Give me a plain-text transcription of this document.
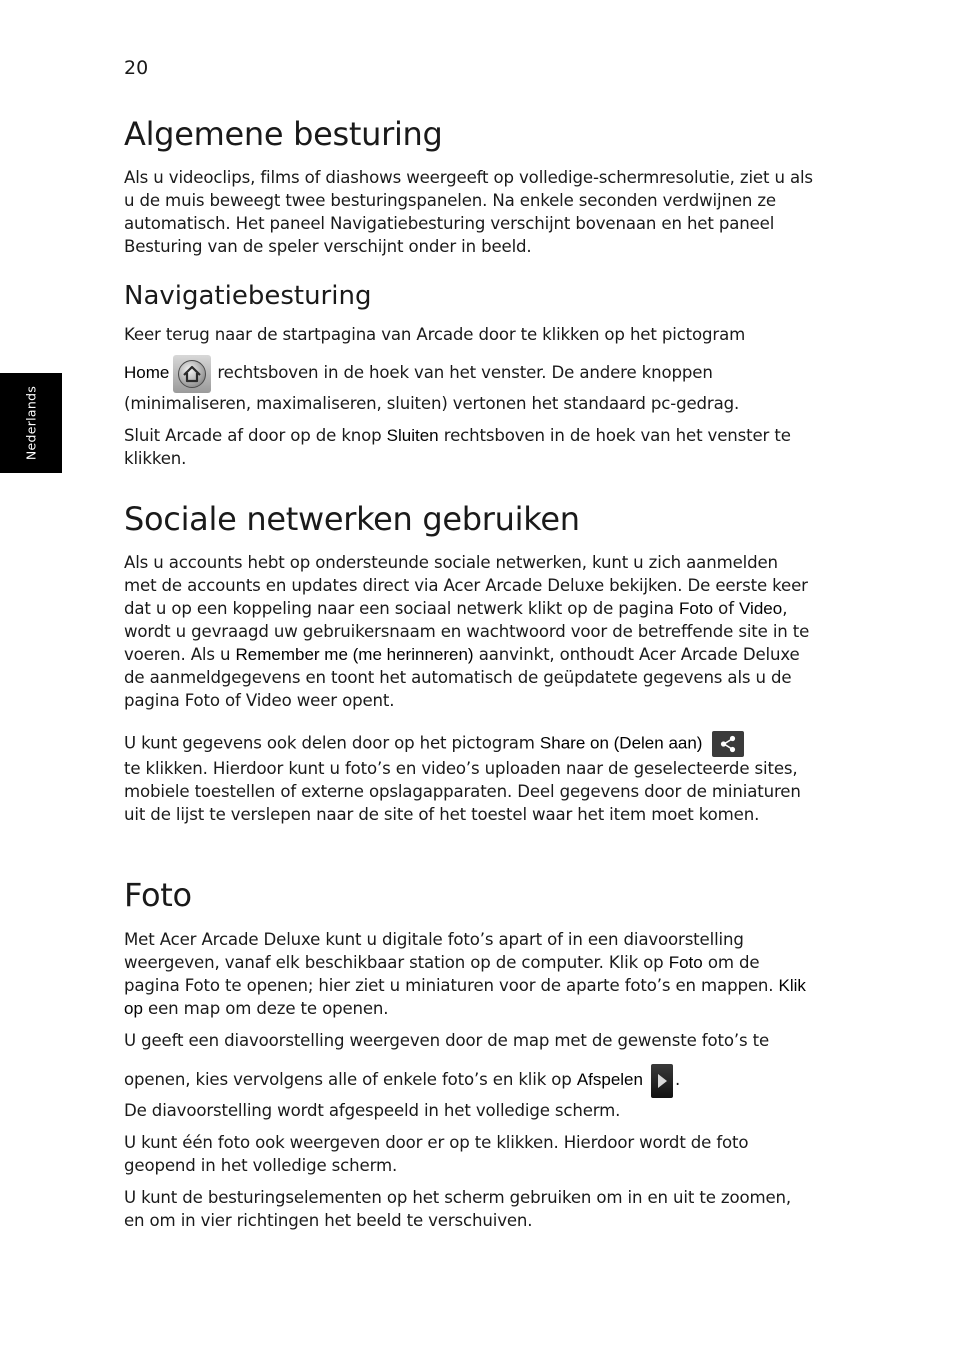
20
Nederlands
Algemene besturing

Als u videoclips, films of diashows weergeeft op volledige-schermresolutie, ziet u als u de muis beweegt twee besturingspanelen. Na enkele seconden verdwijnen ze automatisch. Het paneel Navigatiebesturing verschijnt bovenaan en het paneel Besturing van de speler verschijnt onder in beeld.

Navigatiebesturing

Keer terug naar de startpagina van Arcade door te klikken op het pictogram

Home	rechtsboven in de hoek van het venster. De andere knoppen

(minimaliseren, maximaliseren, sluiten) vertonen het standaard pc-gedrag.

Sluit Arcade af door op de knop Sluiten rechtsboven in de hoek van het venster te klikken.

Sociale netwerken gebruiken

Als u accounts hebt op ondersteunde sociale netwerken, kunt u zich aanmelden met de accounts en updates direct via Acer Arcade Deluxe bekijken. De eerste keer dat u op een koppeling naar een sociaal netwerk klikt op de pagina Foto of Video, wordt u gevraagd uw gebruikersnaam en wachtwoord voor de betreffende site in te voeren. Als u Remember me (me herinneren) aanvinkt, onthoudt Acer Arcade Deluxe de aanmeldgegevens en toont het automatisch de geüpdatete gegevens als u de pagina Foto of Video weer opent.

U kunt gegevens ook delen door op het pictogram Share on (Delen aan)

te klikken. Hierdoor kunt u foto’s en video’s uploaden naar de geselecteerde sites, mobiele toestellen of externe opslagapparaten. Deel gegevens door de miniaturen uit de lijst te verslepen naar de site of het toestel waar het item moet komen.

Foto

Met Acer Arcade Deluxe kunt u digitale foto’s apart of in een diavoorstelling weergeven, vanaf elk beschikbaar station op de computer. Klik op Foto om de pagina Foto te openen; hier ziet u miniaturen voor de aparte foto’s en mappen. Klik op een map om deze te openen.

U geeft een diavoorstelling weergeven door de map met de gewenste foto’s te

openen, kies vervolgens alle of enkele foto’s en klik op Afspelen .

De diavoorstelling wordt afgespeeld in het volledige scherm.

U kunt één foto ook weergeven door er op te klikken. Hierdoor wordt de foto geopend in het volledige scherm.

U kunt de besturingselementen op het scherm gebruiken om in en uit te zoomen, en om in vier richtingen het beeld te verschuiven.
